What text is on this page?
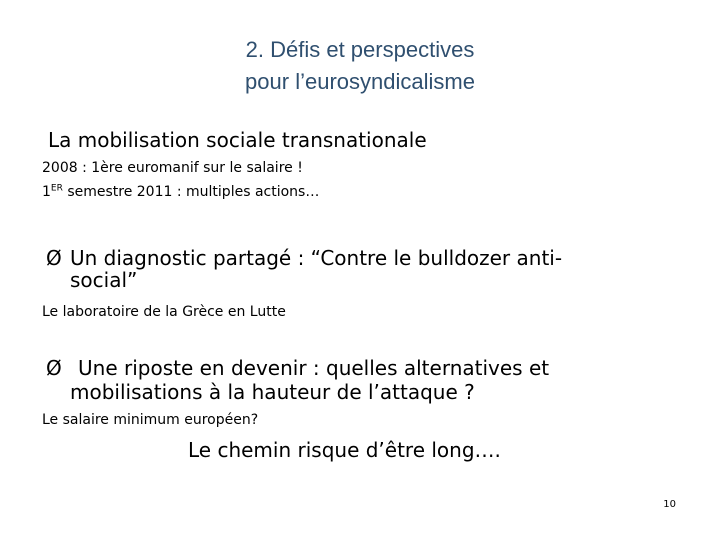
2. Défis et perspectives
pour l’eurosyndicalisme
La mobilisation sociale transnationale
2008 : 1ère euromanif sur le salaire !
1ER semestre 2011 : multiples actions…
Ø Un diagnostic partagé : “Contre le bulldozer anti-
social”
Le laboratoire de la Grèce en Lutte
Ø Une riposte en devenir : quelles alternatives et
mobilisations à la hauteur de l’attaque ?
Le salaire minimum européen?
Le chemin risque d’être long….
10
